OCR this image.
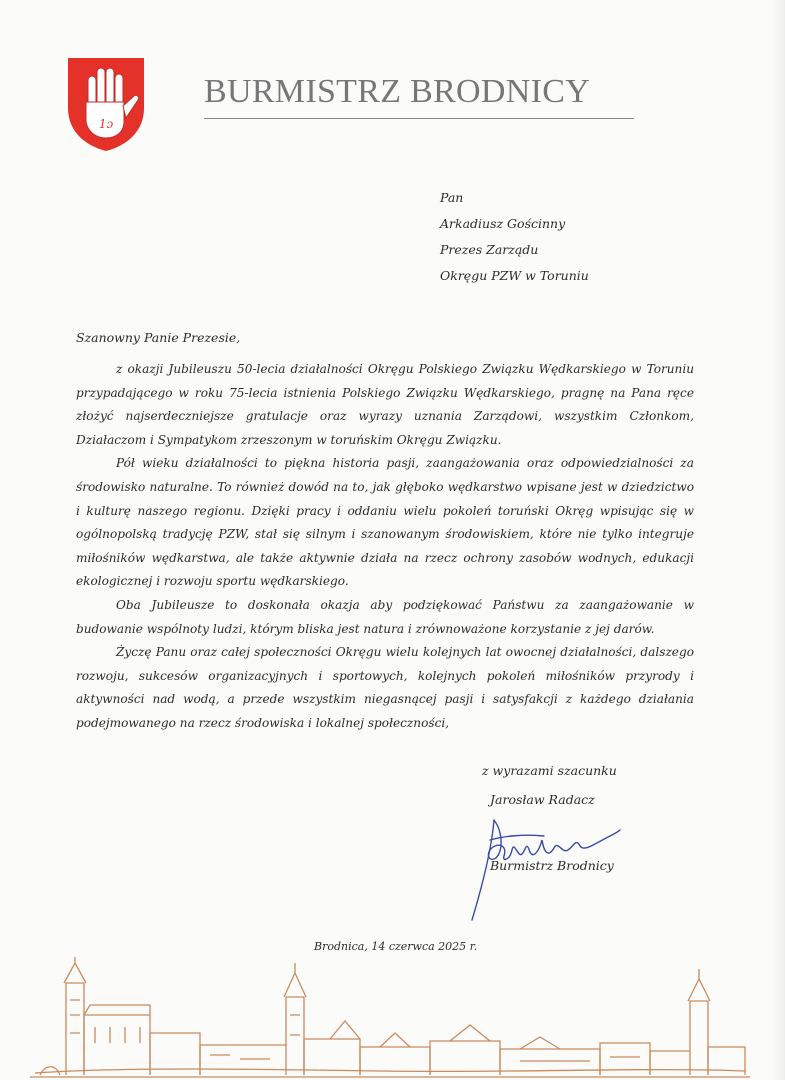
1ɔ
BURMISTRZ BRODNICY
Pan
Arkadiusz Gościnny
Prezes Zarządu
Okręgu PZW w Toruniu
Szanowny Panie Prezesie,

z okazji Jubileuszu 50-lecia działalności Okręgu Polskiego Związku Wędkarskiego w Toruniu przypadającego w roku 75-lecia istnienia Polskiego Związku Wędkarskiego, pragnę na Pana ręce złożyć najserdeczniejsze gratulacje oraz wyrazy uznania Zarządowi, wszystkim Członkom, Działaczom i Sympatykom zrzeszonym w toruńskim Okręgu Związku.

Pół wieku działalności to piękna historia pasji, zaangażowania oraz odpowiedzialności za środowisko naturalne. To również dowód na to, jak głęboko wędkarstwo wpisane jest w dziedzictwo i kulturę naszego regionu. Dzięki pracy i oddaniu wielu pokoleń toruński Okręg wpisując się w ogólnopolską tradycję PZW, stał się silnym i szanowanym środowiskiem, które nie tylko integruje miłośników wędkarstwa, ale także aktywnie działa na rzecz ochrony zasobów wodnych, edukacji ekologicznej i rozwoju sportu wędkarskiego.

Oba Jubileusze to doskonała okazja aby podziękować Państwu za zaangażowanie w budowanie wspólnoty ludzi, którym bliska jest natura i zrównoważone korzystanie z jej darów.

Życzę Panu oraz całej społeczności Okręgu wielu kolejnych lat owocnej działalności, dalszego rozwoju, sukcesów organizacyjnych i sportowych, kolejnych pokoleń miłośników przyrody i aktywności nad wodą, a przede wszystkim niegasnącej pasji i satysfakcji z każdego działania podejmowanego na rzecz środowiska i lokalnej społeczności,

z wyrazami szacunku
Jarosław Radacz
Burmistrz Brodnicy
Brodnica, 14 czerwca 2025 r.
